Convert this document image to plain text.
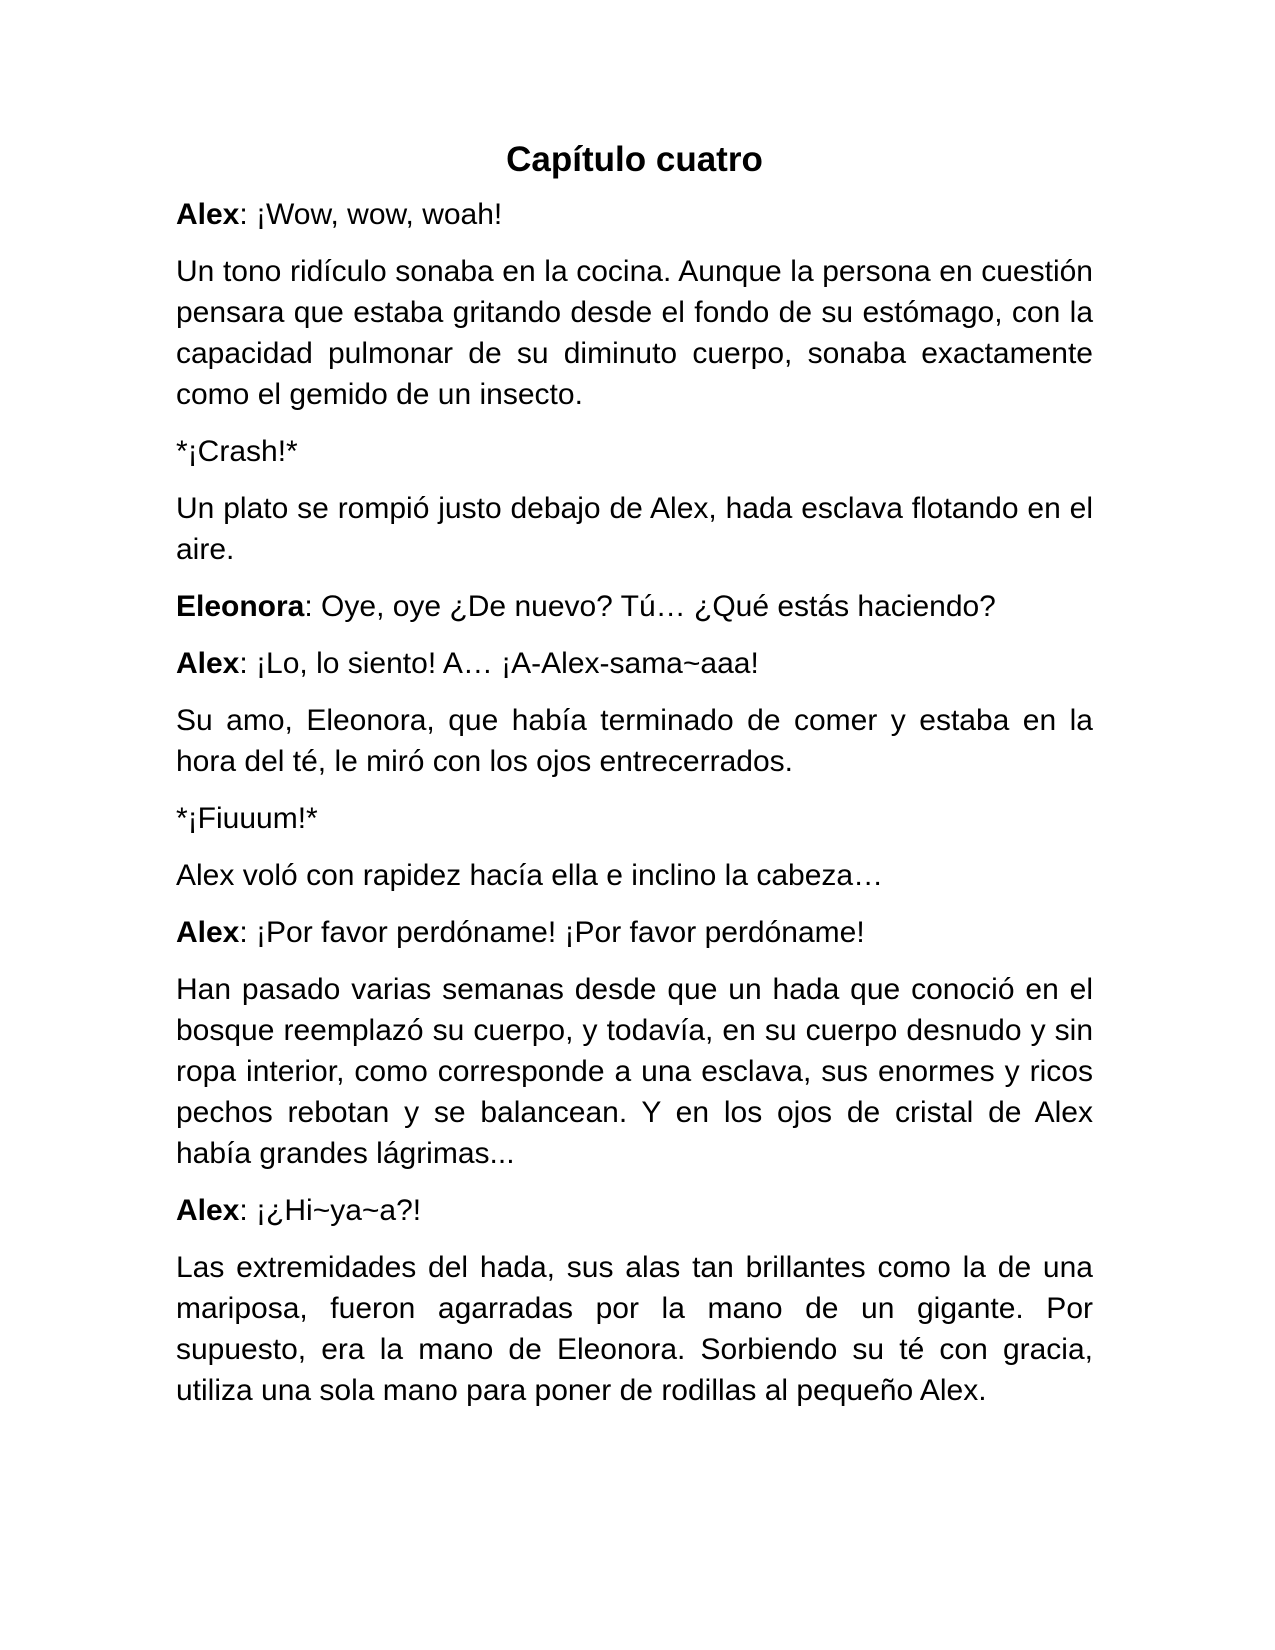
Capítulo cuatro

Alex: ¡Wow, wow, woah!

Un tono ridículo sonaba en la cocina. Aunque la persona en cuestión pensara que estaba gritando desde el fondo de su estómago, con la capacidad pulmonar de su diminuto cuerpo, sonaba exactamente como el gemido de un insecto.

*¡Crash!*

Un plato se rompió justo debajo de Alex, hada esclava flotando en el aire.

Eleonora: Oye, oye ¿De nuevo? Tú… ¿Qué estás haciendo?

Alex: ¡Lo, lo siento! A… ¡A-Alex-sama~aaa!

Su amo, Eleonora, que había terminado de comer y estaba en la hora del té, le miró con los ojos entrecerrados.

*¡Fiuuum!*

Alex voló con rapidez hacía ella e inclino la cabeza…

Alex: ¡Por favor perdóname! ¡Por favor perdóname!

Han pasado varias semanas desde que un hada que conoció en el bosque reemplazó su cuerpo, y todavía, en su cuerpo desnudo y sin ropa interior, como corresponde a una esclava, sus enormes y ricos pechos rebotan y se balancean. Y en los ojos de cristal de Alex había grandes lágrimas...

Alex: ¡¿Hi~ya~a?!

Las extremidades del hada, sus alas tan brillantes como la de una mariposa, fueron agarradas por la mano de un gigante. Por supuesto, era la mano de Eleonora. Sorbiendo su té con gracia, utiliza una sola mano para poner de rodillas al pequeño Alex.
